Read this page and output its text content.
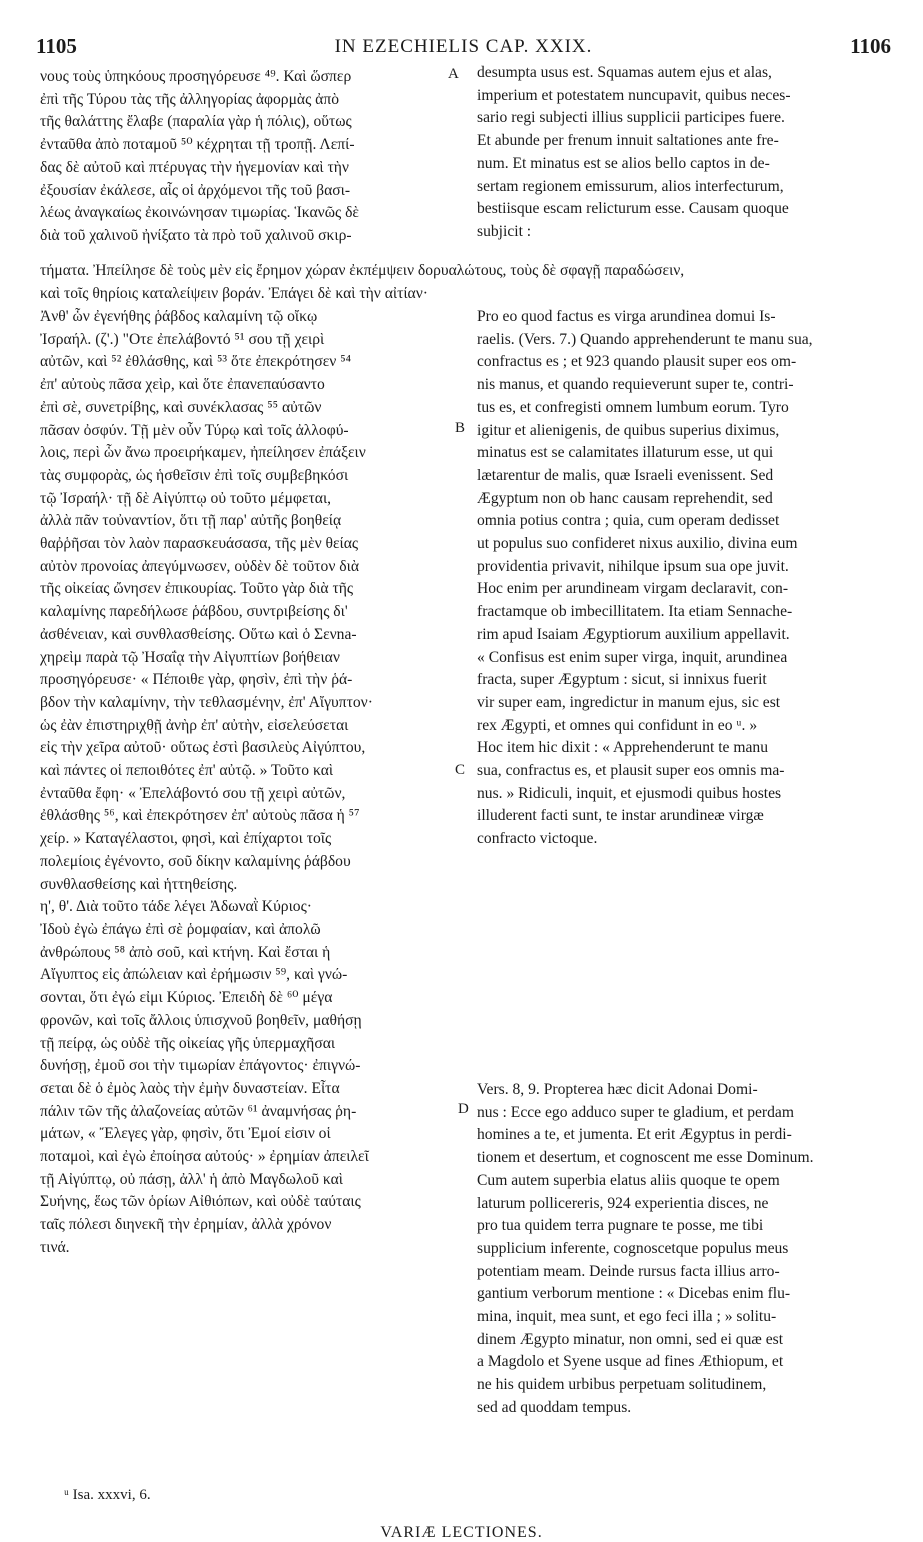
1105	IN EZECHIELIS CAP. XXIX.	1106
νους τοὺς ὑπηκόους προσηγόρευσε ⁴⁹. Καὶ ὥσπερ
ἐπὶ τῆς Τύρου τὰς τῆς ἀλληγορίας ἀφορμὰς ἀπὸ
τῆς θαλάττης ἔλαβε (παραλία γὰρ ἡ πόλις), οὕτως
ἐνταῦθα ἀπὸ ποταμοῦ ⁵⁰ κέχρηται τῇ τροπῇ. Λεπί-
δας δὲ αὐτοῦ καὶ πτέρυγας τὴν ἡγεμονίαν καὶ τὴν
ἐξουσίαν ἐκάλεσε, αἷς οἱ ἀρχόμενοι τῆς τοῦ βασι-
λέως ἀναγκαίως ἐκοινώνησαν τιμωρίας. Ἱκανῶς δὲ
διὰ τοῦ χαλινοῦ ἠνίξατο τὰ πρὸ τοῦ χαλινοῦ σκιρ-
desumpta usus est. Squamas autem ejus et alas,
imperium et potestatem nuncupavit, quibus neces-
sario regi subjecti illius supplicii participes fuere.
Et abunde per frenum innuit saltationes ante fre-
num. Et minatus est se alios bello captos in de-
sertam regionem emissurum, alios interfecturum,
bestiisque escam relicturum esse. Causam quoque
subjicit :
τήματα. Ἠπείλησε δὲ τοὺς μὲν εἰς ἔρημον χώραν ἐκπέμψειν δορυαλώτους, τοὺς δὲ σφαγῇ παραδώσειν,
καὶ τοῖς θηρίοις καταλείψειν βοράν. Ἐπάγει δὲ καὶ τὴν αἰτίαν·
Ἀνθ' ὧν ἐγενήθης ῥάβδος καλαμίνη τῷ οἴκῳ
Ἰσραήλ. (ζ'.) "Οτε ἐπελάβοντό ⁵¹ σου τῇ χειρὶ
αὐτῶν, καὶ ⁵² ἐθλάσθης, καὶ ⁵³ ὅτε ἐπεκρότησεν ⁵⁴
ἐπ' αὐτοὺς πᾶσα χεὶρ, καὶ ὅτε ἐπανεπαύσαντο
ἐπὶ σὲ, συνετρίβης, καὶ συνέκλασας ⁵⁵ αὐτῶν
πᾶσαν ὀσφύν. Τῇ μὲν οὖν Τύρῳ καὶ τοῖς ἀλλοφύ-
λοις, περὶ ὧν ἄνω προειρήκαμεν, ἠπείλησεν ἐπάξειν
τὰς συμφορὰς, ὡς ἡσθεῖσιν ἐπὶ τοῖς συμβεβηκόσι
τῷ Ἰσραήλ· τῇ δὲ Αἰγύπτῳ οὐ τοῦτο μέμφεται,
ἀλλὰ πᾶν τοὐναντίον, ὅτι τῇ παρ' αὐτῆς βοηθείᾳ
θαῤῥῆσαι τὸν λαὸν παρασκευάσασα, τῆς μὲν θείας
αὐτὸν προνοίας ἀπεγύμνωσεν, οὐδὲν δὲ τοῦτον διὰ
τῆς οἰκείας ὤνησεν ἐπικουρίας. Τοῦτο γὰρ διὰ τῆς
καλαμίνης παρεδήλωσε ῥάβδου, συντριβείσης δι'
ἀσθένειαν, καὶ συνθλασθείσης. Οὕτω καὶ ὁ Σενna-
χηρεὶμ παρὰ τῷ Ἠσαΐᾳ τὴν Αἰγυπτίων βοήθειαν
προσηγόρευσε· « Πέποιθε γὰρ, φησὶν, ἐπὶ τὴν ῥά-
βδον τὴν καλαμίνην, τὴν τεθλασμένην, ἐπ' Αἴγυπτον·
ὡς ἐὰν ἐπιστηριχθῇ ἀνὴρ ἐπ' αὐτὴν, εἰσελεύσεται
εἰς τὴν χεῖρα αὐτοῦ· οὕτως ἐστὶ βασιλεὺς Αἰγύπτου,
καὶ πάντες οἱ πεποιθότες ἐπ' αὐτῷ. » Τοῦτο καὶ
ἐνταῦθα ἔφη· « Ἐπελάβοντό σου τῇ χειρὶ αὐτῶν,
ἐθλάσθης ⁵⁶, καὶ ἐπεκρότησεν ἐπ' αὐτοὺς πᾶσα ἡ ⁵⁷
χείρ. » Καταγέλαστοι, φησὶ, καὶ ἐπίχαρτοι τοῖς
πολεμίοις ἐγένοντο, σοῦ δίκην καλαμίνης ῥάβδου
συνθλασθείσης καὶ ἡττηθείσης.
η', θ'. Διὰ τοῦτο τάδε λέγει Ἀδωναῒ Κύριος·
Ἰδοὺ ἐγὼ ἐπάγω ἐπὶ σὲ ῥομφαίαν, καὶ ἀπολῶ
ἀνθρώπους ⁵⁸ ἀπὸ σοῦ, καὶ κτήνη. Καὶ ἔσται ἡ
Αἴγυπτος εἰς ἀπώλειαν καὶ ἐρήμωσιν ⁵⁹, καὶ γνώ-
σονται, ὅτι ἐγώ εἰμι Κύριος. Ἐπειδὴ δὲ ⁶⁰ μέγα
φρονῶν, καὶ τοῖς ἄλλοις ὑπισχνοῦ βοηθεῖν, μαθήσῃ
τῇ πείρᾳ, ὡς οὐδὲ τῆς οἰκείας γῆς ὑπερμαχῆσαι
δυνήσῃ, ἐμοῦ σοι τὴν τιμωρίαν ἐπάγοντος· ἐπιγνώ-
σεται δὲ ὁ ἐμὸς λαὸς τὴν ἐμὴν δυναστείαν. Εἶτα
πάλιν τῶν τῆς ἀλαζονείας αὐτῶν ⁶¹ ἀναμνήσας ῥη-
μάτων, « Ἔλεγες γὰρ, φησὶν, ὅτι Ἐμοί εἰσιν οἱ
ποταμοὶ, καὶ ἐγὼ ἐποίησα αὐτούς· » ἐρημίαν ἀπειλεῖ
τῇ Αἰγύπτῳ, οὐ πάσῃ, ἀλλ' ἡ ἀπὸ Μαγδωλοῦ καὶ
Συήνης, ἕως τῶν ὁρίων Αἰθιόπων, καὶ οὐδὲ ταύταις
ταῖς πόλεσι διηνεκῆ τὴν ἐρημίαν, ἀλλὰ χρόνον
τινά.
Pro eo quod factus es virga arundinea domui Is-
raelis. (Vers. 7.) Quando apprehenderunt te manu sua,
confractus es ; et 923 quando plausit super eos om-
nis manus, et quando requieverunt super te, contri-
tus es, et confregisti omnem lumbum eorum. Tyro
igitur et alienigenis, de quibus superius diximus,
minatus est se calamitates illaturum esse, ut qui
lætarentur de malis, quæ Israeli evenissent. Sed
Ægyptum non ob hanc causam reprehendit, sed
omnia potius contra ; quia, cum operam dedisset
ut populus suo confideret nixus auxilio, divina eum
providentia privavit, nihilque ipsum sua ope juvit.
Hoc enim per arundineam virgam declaravit, con-
fractamque ob imbecillitatem. Ita etiam Sennache-
rim apud Isaiam Ægyptiorum auxilium appellavit.
« Confisus est enim super virga, inquit, arundinea
fracta, super Ægyptum : sicut, si innixus fuerit
vir super eam, ingredictur in manum ejus, sic est
rex Ægypti, et omnes qui confidunt in eo ᵘ. »
Hoc item hic dixit : « Apprehenderunt te manu
sua, confractus es, et plausit super eos omnis ma-
nus. » Ridiculi, inquit, et ejusmodi quibus hostes
illuderent facti sunt, te instar arundineæ virgæ
confracto victoque.
Vers. 8, 9. Propterea hæc dicit Adonai Domi-
nus : Ecce ego adduco super te gladium, et perdam
homines a te, et jumenta. Et erit Ægyptus in perdi-
tionem et desertum, et cognoscent me esse Dominum.
Cum autem superbia elatus aliis quoque te opem
laturum pollicereris, 924 experientia disces, ne
pro tua quidem terra pugnare te posse, me tibi
supplicium inferente, cognoscetque populus meus
potentiam meam. Deinde rursus facta illius arro-
gantium verborum mentione : « Dicebas enim flu-
mina, inquit, mea sunt, et ego feci illa ; » solitu-
dinem Ægypto minatur, non omni, sed ei quæ est
a Magdolo et Syene usque ad fines Æthiopum, et
ne his quidem urbibus perpetuam solitudinem,
sed ad quoddam tempus.
A
B
C
D
ᵘ Isa. xxxvi, 6.
VARIÆ LECTIONES.
